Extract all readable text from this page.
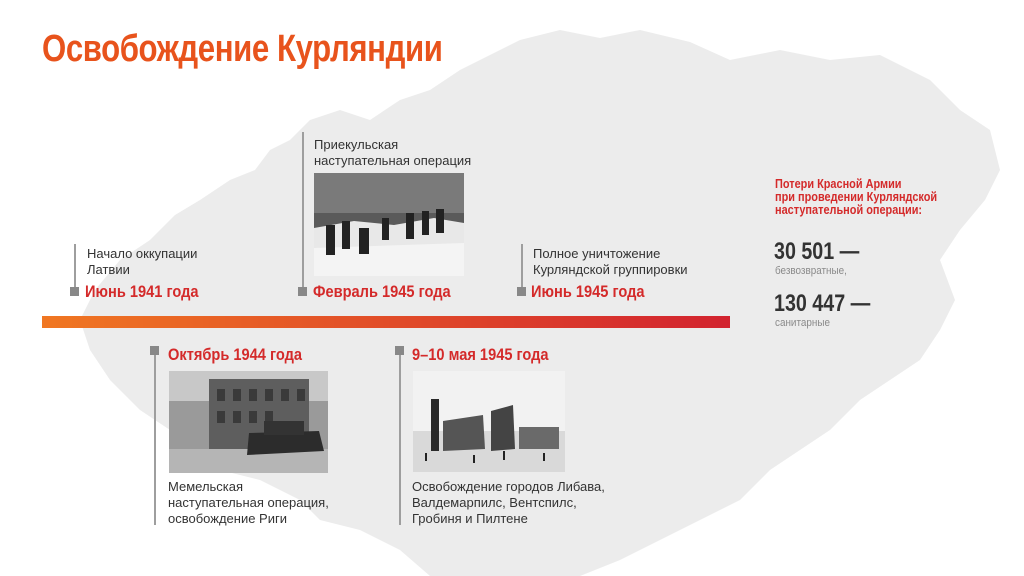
Освобождение Курляндии
Начало оккупации
Латвии
Июнь 1941 года
Приекульская
наступательная операция
Февраль 1945 года
Полное уничтожение
Курляндской группировки
Июнь 1945 года
Октябрь 1944 года
Мемельская
наступательная операция,
освобождение Риги
9–10 мая 1945 года
Освобождение городов Либава,
Валдемарпилс, Вентспилс,
Гробиня и Пилтене
Потери Красной Армии
при проведении Курляндской
наступательной операции:
30 501 —
безвозвратные,
130 447 —
санитарные
